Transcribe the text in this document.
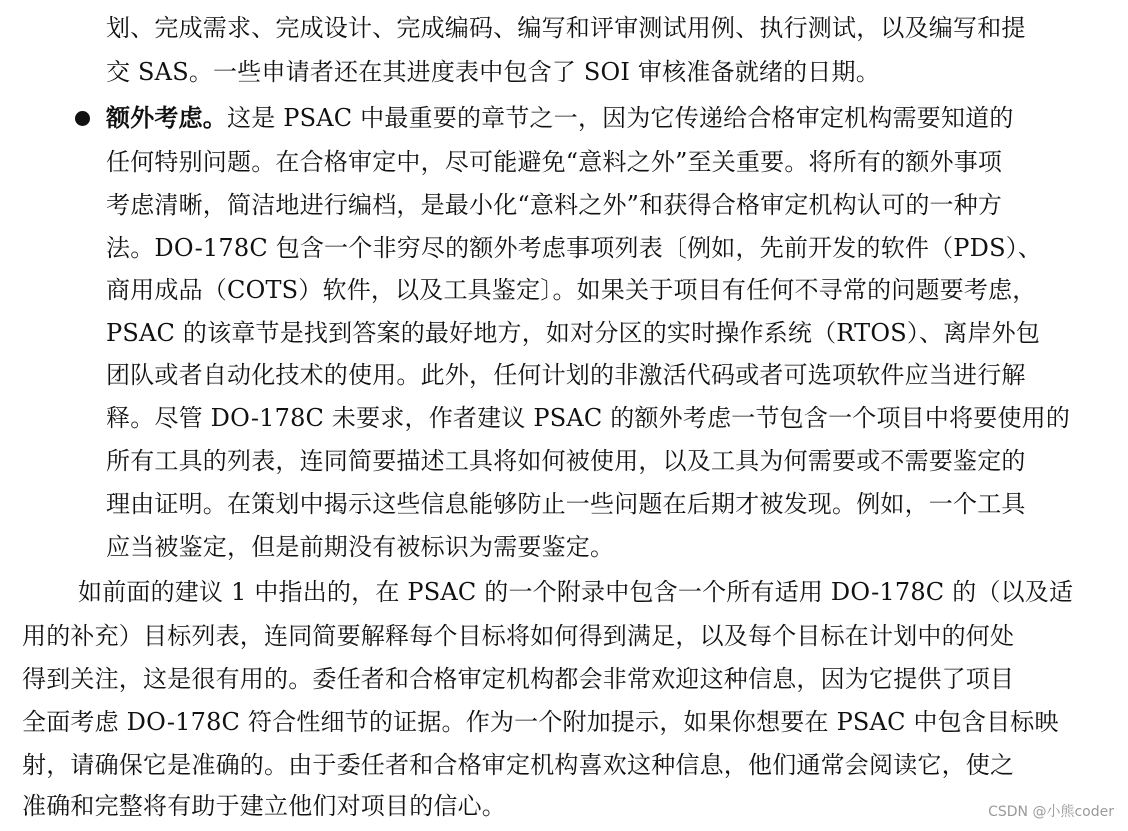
划、完成需求、完成设计、完成编码、编写和评审测试用例、执行测试，以及编写和提
交 SAS。一些申请者还在其进度表中包含了 SOI 审核准备就绪的日期。
额外考虑。这是 PSAC 中最重要的章节之一，因为它传递给合格审定机构需要知道的
任何特别问题。在合格审定中，尽可能避免“意料之外”至关重要。将所有的额外事项
考虑清晰，简洁地进行编档，是最小化“意料之外”和获得合格审定机构认可的一种方
法。DO-178C 包含一个非穷尽的额外考虑事项列表〔例如，先前开发的软件（PDS）、
商用成品（COTS）软件，以及工具鉴定〕。如果关于项目有任何不寻常的问题要考虑，
PSAC 的该章节是找到答案的最好地方，如对分区的实时操作系统（RTOS）、离岸外包
团队或者自动化技术的使用。此外，任何计划的非激活代码或者可选项软件应当进行解
释。尽管 DO-178C 未要求，作者建议 PSAC 的额外考虑一节包含一个项目中将要使用的
所有工具的列表，连同简要描述工具将如何被使用，以及工具为何需要或不需要鉴定的
理由证明。在策划中揭示这些信息能够防止一些问题在后期才被发现。例如，一个工具
应当被鉴定，但是前期没有被标识为需要鉴定。
如前面的建议 1 中指出的，在 PSAC 的一个附录中包含一个所有适用 DO-178C 的（以及适
用的补充）目标列表，连同简要解释每个目标将如何得到满足，以及每个目标在计划中的何处
得到关注，这是很有用的。委任者和合格审定机构都会非常欢迎这种信息，因为它提供了项目
全面考虑 DO-178C 符合性细节的证据。作为一个附加提示，如果你想要在 PSAC 中包含目标映
射，请确保它是准确的。由于委任者和合格审定机构喜欢这种信息，他们通常会阅读它，使之
准确和完整将有助于建立他们对项目的信心。	CSDN @小熊coder
